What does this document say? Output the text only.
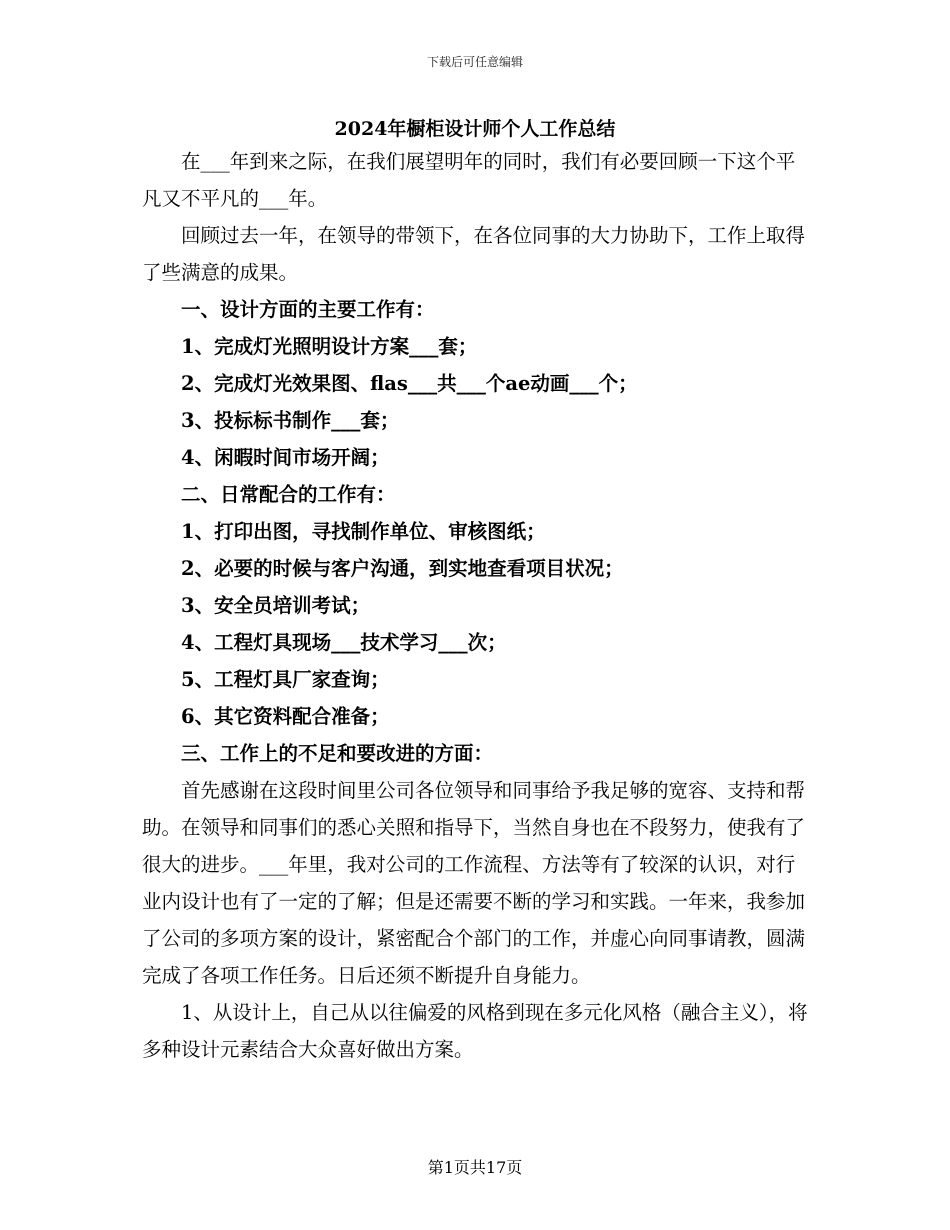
下载后可任意编辑
2024年橱柜设计师个人工作总结

在___年到来之际，在我们展望明年的同时，我们有必要回顾一下这个平凡又不平凡的___年。

回顾过去一年，在领导的带领下，在各位同事的大力协助下，工作上取得了些满意的成果。

一、设计方面的主要工作有：

1、完成灯光照明设计方案___套；

2、完成灯光效果图、flas___共___个ae动画___个；

3、投标标书制作___套；

4、闲暇时间市场开阔；

二、日常配合的工作有：

1、打印出图，寻找制作单位、审核图纸；

2、必要的时候与客户沟通，到实地查看项目状况；

3、安全员培训考试；

4、工程灯具现场___技术学习___次；

5、工程灯具厂家查询；

6、其它资料配合准备；

三、工作上的不足和要改进的方面：

首先感谢在这段时间里公司各位领导和同事给予我足够的宽容、支持和帮助。在领导和同事们的悉心关照和指导下，当然自身也在不段努力，使我有了很大的进步。___年里，我对公司的工作流程、方法等有了较深的认识，对行业内设计也有了一定的了解；但是还需要不断的学习和实践。一年来，我参加了公司的多项方案的设计，紧密配合个部门的工作，并虚心向同事请教，圆满完成了各项工作任务。日后还须不断提升自身能力。

1、从设计上，自己从以往偏爱的风格到现在多元化风格（融合主义），将多种设计元素结合大众喜好做出方案。

第1页共17页
